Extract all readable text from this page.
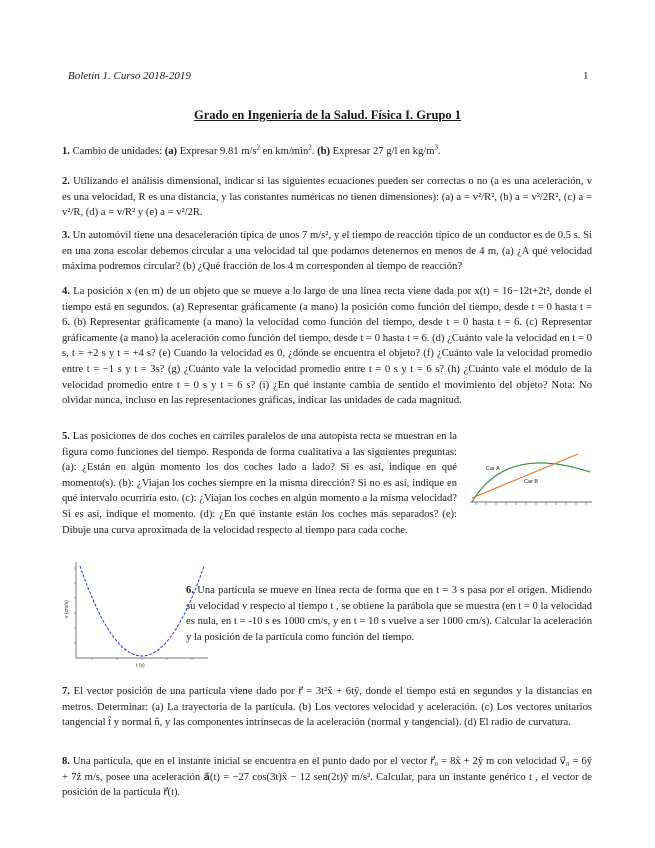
Boletín 1. Curso 2018-2019	1
Grado en Ingeniería de la Salud. Física I. Grupo 1
1. Cambio de unidades: (a) Expresar 9.81 $m/s^2$ en $km/\min^2$. (b) Expresar 27 g/l en $kg/m^3$.
2. Utilizando el análisis dimensional, indicar si las siguientes ecuaciones pueden ser correctas o no (a es una aceleración, v es una velocidad, R es una distancia, y las constantes numéricas no tienen dimensiones): (a) a = v²/R², (b) a = v²/2R², (c) a = v²/R, (d) a = v/R² y (e) a = v²/2R.
3. Un automóvil tiene una desaceleración típica de unos 7 m/s², y el tiempo de reacción típico de un conductor es de 0.5 s. Si en una zona escolar debemos circular a una velocidad tal que podamos detenernos en menos de 4 m, (a) ¿A qué velocidad máxima podremos circular? (b) ¿Qué fracción de los 4 m corresponden al tiempo de reacción?
4. La posición x (en m) de un objeto que se mueve a lo largo de una línea recta viene dada por x(t) = 16−12t+2t², donde el tiempo está en segundos. (a) Representar gráficamente (a mano) la posición como función del tiempo, desde t = 0 hasta t = 6. (b) Representar gráficamente (a mano) la velocidad como función del tiempo, desde t = 0 hasta t = 6. (c) Representar gráficamente (a mano) la aceleración como función del tiempo, desde t = 0 hasta t = 6. (d) ¿Cuánto vale la velocidad en t = 0 s, t = +2 s y t = +4 s? (e) Cuando la velocidad es 0, ¿dónde se encuentra el objeto? (f) ¿Cuánto vale la velocidad promedio entre t = −1 s y t = 3s? (g) ¿Cuánto vale la velocidad promedio entre t = 0 s y t = 6 s? (h) ¿Cuánto vale el módulo de la velocidad promedio entre t = 0 s y t = 6 s? (i) ¿En qué instante cambia de sentido el movimiento del objeto? Nota: No olvidar nunca, incluso en las representaciones gráficas, indicar las unidades de cada magnitud.
5. Las posiciones de dos coches en carriles paralelos de una autopista recta se muestran en la figura como funciones del tiempo. Responda de forma cualitativa a las siguientes preguntas: (a): ¿Están en algún momento los dos coches lado a lado? Si es así, indique en qué momento(s). (b): ¿Viajan los coches siempre en la misma dirección? Si no es así, indique en qué intervalo ocurriría esto. (c): ¿Viajan los coches en algún momento a la misma velocidad? Si es así, indique el momento. (d): ¿En qué instante están los coches más separados? (e): Dibuje una curva aproximada de la velocidad respecto al tiempo para cada coche.
Car A
Car B
v (cm/s)
t (s)
6. Una partícula se mueve en línea recta de forma que en t = 3 s pasa por el origen. Midiendo su velocidad v respecto al tiempo t , se obtiene la parábola que se muestra (en t = 0 la velocidad es nula, en t = -10 s es 1000 cm/s, y en t = 10 s vuelve a ser 1000 cm/s). Calcular la aceleración y la posición de la partícula como función del tiempo.
7. El vector posición de una partícula viene dado por r⃗ = 3t²x̂ + 6tŷ, donde el tiempo está en segundos y la distancias en metros. Determinar: (a) La trayectoria de la partícula. (b) Los vectores velocidad y aceleración. (c) Los vectores unitarios tangencial t̂ y normal n̂, y las componentes intrínsecas de la aceleración (normal y tangencial). (d) El radio de curvatura.
8. Una partícula, que en el instante inicial se encuentra en el punto dado por el vector r⃗₀ = 8x̂ + 2ŷ m con velocidad v⃗₀ = 6ŷ + 7ẑ m/s, posee una aceleración a⃗(t) = −27 cos(3t)x̂ − 12 sen(2t)ŷ m/s². Calcular, para un instante genérico t , el vector de posición de la partícula r⃗(t).
